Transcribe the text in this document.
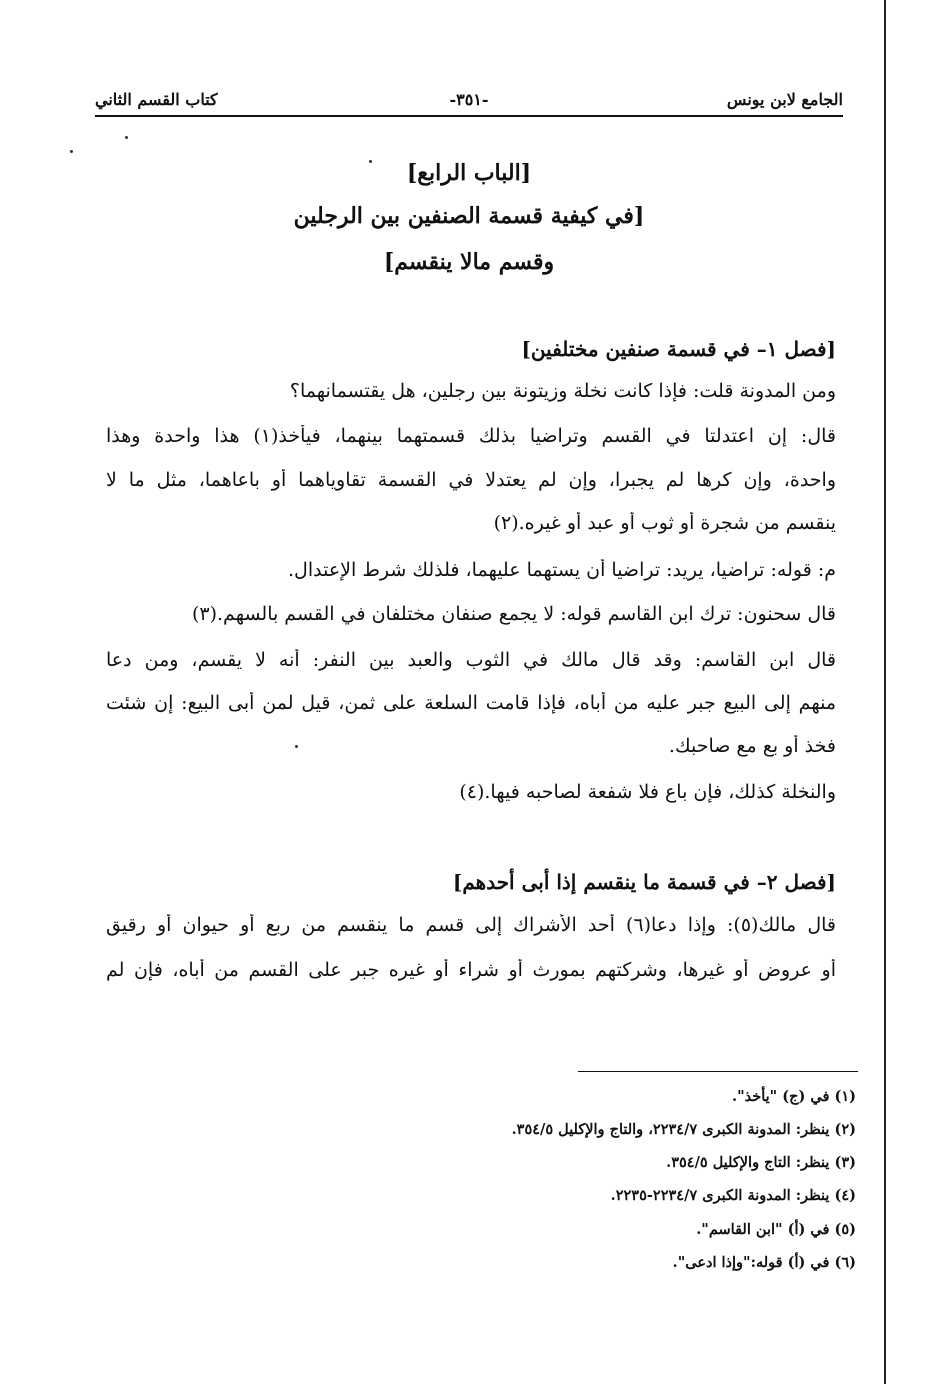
الجامع لابن يونس
-٣٥١-
كتاب القسم الثاني
[الباب الرابع]
[في كيفية قسمة الصنفين بين الرجلين
وقسم مالا ينقسم]
[فصل ١– في قسمة صنفين مختلفين]
ومن المدونة قلت: فإذا كانت نخلة وزيتونة بين رجلين، هل يقتسمانهما؟
قال: إن اعتدلتا في القسم وتراضيا بذلك قسمتهما بينهما، فيأخذ(١) هذا واحدة وهذا
واحدة، وإن كرها لم يجبرا، وإن لم يعتدلا في القسمة تقاوياهما أو باعاهما، مثل ما لا
ينقسم من شجرة أو ثوب أو عبد أو غيره.(٢)
م: قوله: تراضيا، يريد: تراضيا أن يستهما عليهما، فلذلك شرط الإعتدال.
قال سحنون: ترك ابن القاسم قوله: لا يجمع صنفان مختلفان في القسم بالسهم.(٣)
قال ابن القاسم: وقد قال مالك في الثوب والعبد بين النفر: أنه لا يقسم، ومن دعا
منهم إلى البيع جبر عليه من أباه، فإذا قامت السلعة على ثمن، قيل لمن أبى البيع: إن شئت
فخذ أو بع مع صاحبك.
والنخلة كذلك، فإن باع فلا شفعة لصاحبه فيها.(٤)
[فصل ٢– في قسمة ما ينقسم إذا أبى أحدهم]
قال مالك(٥): وإذا دعا(٦) أحد الأشراك إلى قسم ما ينقسم من ربع أو حيوان أو رقيق
أو عروض أو غيرها، وشركتهم بمورث أو شراء أو غيره جبر على القسم من أباه، فإن لم
(١) في (ج) "يأخذ".
(٢) ينظر: المدونة الكبرى ٢٢٣٤/٧، والتاج والإكليل ٣٥٤/٥.
(٣) ينظر: التاج والإكليل ٣٥٤/٥.
(٤) ينظر: المدونة الكبرى ٢٢٣٤/٧-٢٢٣٥.
(٥) في (أ) "ابن القاسم".
(٦) في (أ) قوله:"وإذا ادعى".
